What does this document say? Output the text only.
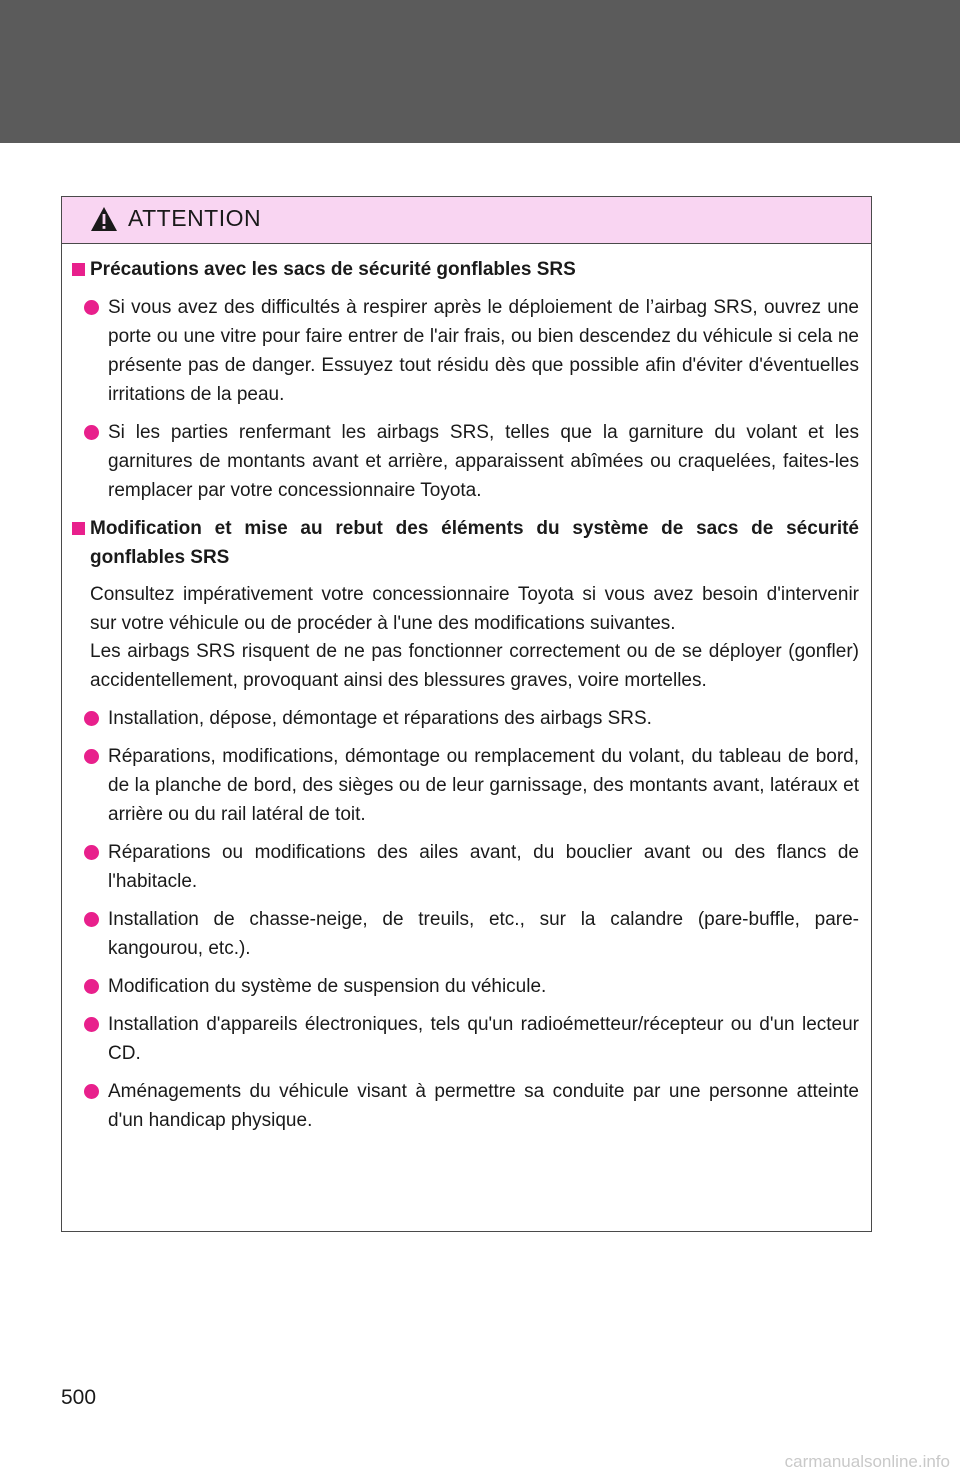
ATTENTION
Précautions avec les sacs de sécurité gonflables SRS
Si vous avez des difficultés à respirer après le déploiement de l’airbag SRS, ouvrez une porte ou une vitre pour faire entrer de l'air frais, ou bien descendez du véhicule si cela ne présente pas de danger. Essuyez tout résidu dès que possible afin d'éviter d'éventuelles irritations de la peau.
Si les parties renfermant les airbags SRS, telles que la garniture du volant et les garnitures de montants avant et arrière, apparaissent abîmées ou craquelées, faites-les remplacer par votre concessionnaire Toyota.
Modification et mise au rebut des éléments du système de sacs de sécurité gonflables SRS
Consultez impérativement votre concessionnaire Toyota si vous avez besoin d'intervenir sur votre véhicule ou de procéder à l'une des modifications suivantes.
Les airbags SRS risquent de ne pas fonctionner correctement ou de se déployer (gonfler) accidentellement, provoquant ainsi des blessures graves, voire mortelles.
Installation, dépose, démontage et réparations des airbags SRS.
Réparations, modifications, démontage ou remplacement du volant, du tableau de bord, de la planche de bord, des sièges ou de leur garnissage, des montants avant, latéraux et arrière ou du rail latéral de toit.
Réparations ou modifications des ailes avant, du bouclier avant ou des flancs de l'habitacle.
Installation de chasse-neige, de treuils, etc., sur la calandre (pare-buffle, pare-kangourou, etc.).
Modification du système de suspension du véhicule.
Installation d'appareils électroniques, tels qu'un radioémetteur/récepteur ou d'un lecteur CD.
Aménagements du véhicule visant à permettre sa conduite par une personne atteinte d'un handicap physique.
500
carmanualsonline.info
